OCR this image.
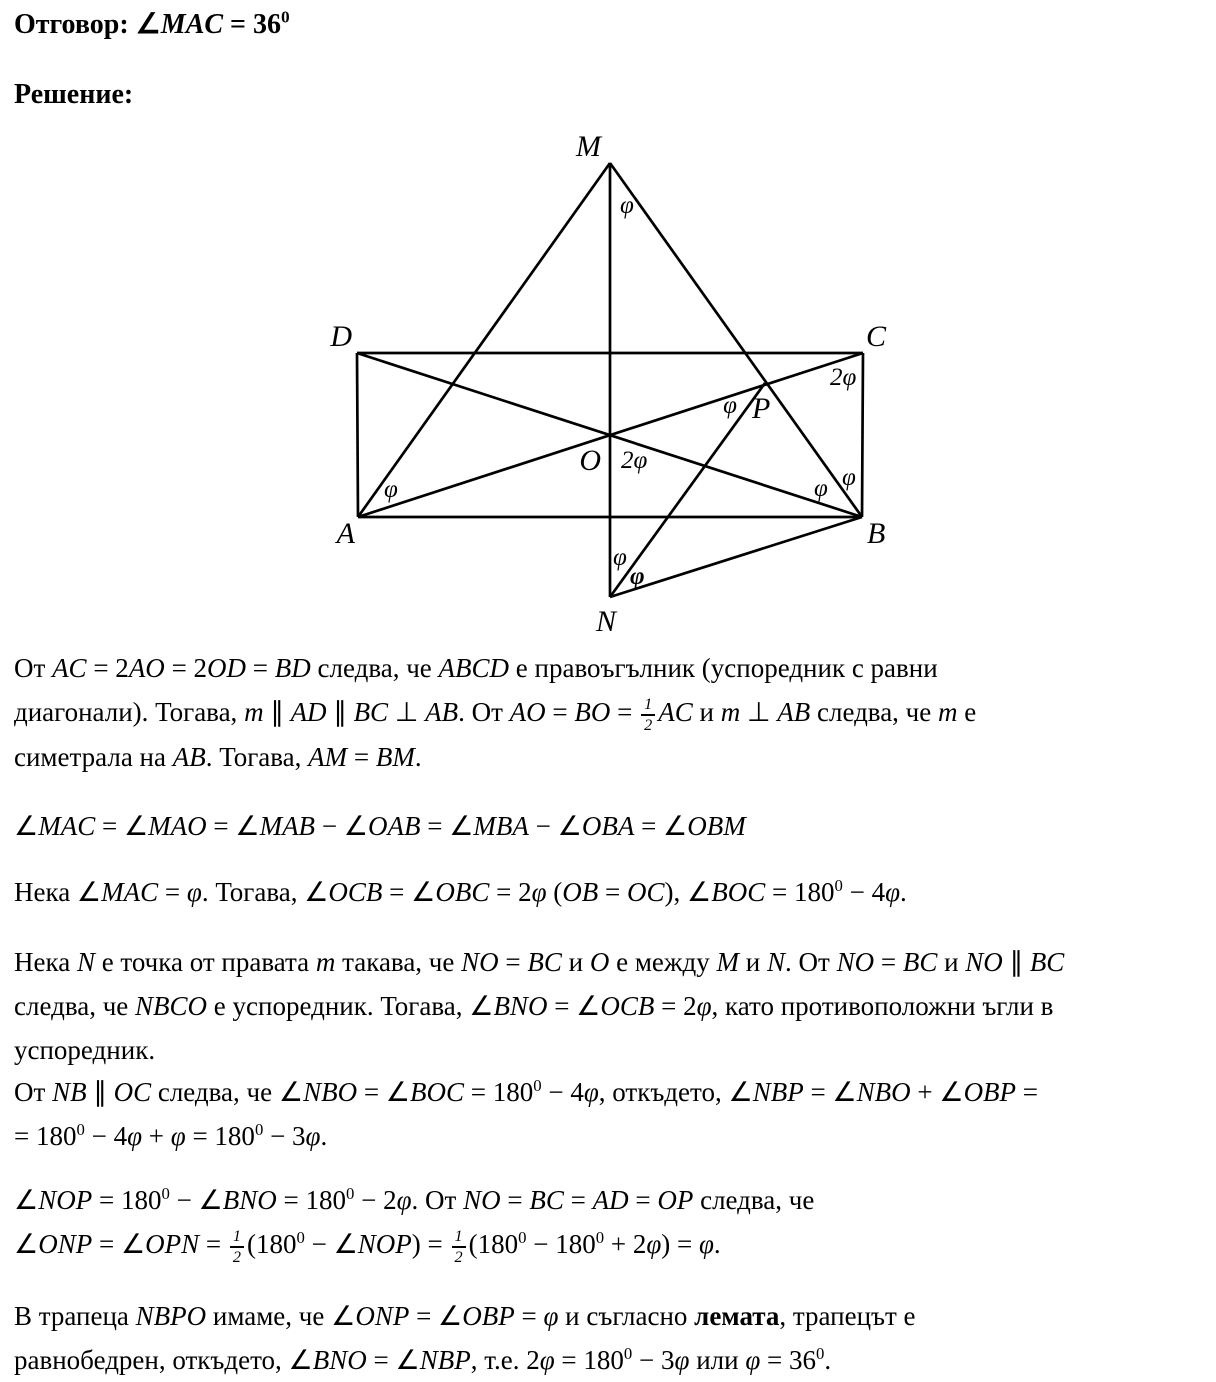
Отговор: ∠MAC = $36^0$
Решение:
M
D	C
A	B
O
P
N
φ
2φ
φ
2φ
φ	φ φ
φ
φ
От AC = 2AO = 2OD = BD следва, че ABCD е правоъгълник (успоредник с равни
диагонали). Тогава, m ∥ AD ∥ BC ⊥ AB. От AO = BO = $\frac{1}{2}$ AC и m ⊥ AB следва, че m е
симетрала на AB. Тогава, AM = BM.
∠MAC = ∠MAO = ∠MAB − ∠OAB = ∠MBA − ∠OBA = ∠OBM
Нека ∠MAC = φ. Тогава, ∠OCB = ∠OBC = 2φ (OB = OC), ∠BOC = $180^0 - 4\varphi$.
Нека N е точка от правата m такава, че NO = BC и O е между M и N. От NO = BC и NO ∥ BC
следва, че NBCO е успоредник. Тогава, ∠BNO = ∠OCB = 2φ, като противоположни ъгли в
успоредник.
От NB ∥ OC следва, че ∠NBO = ∠BOC = $180^0 - 4\varphi$, откъдето, ∠NBP = ∠NBO + ∠OBP =
= $180^0 - 4\varphi + \varphi = 180^0 - 3\varphi$.
∠NOP = $180^0$ − ∠BNO = $180^0 - 2\varphi$. От NO = BC = AD = OP следва, че
∠ONP = ∠OPN = $\frac{1}{2} (180^0$ − ∠NOP) = $\frac{1}{2} (180^0 - 180^0 + 2\varphi) = \varphi$.
В трапеца NBPO имаме, че ∠ONP = ∠OBP = φ и съгласно лемата, трапецът е
равнобедрен, откъдето, ∠BNO = ∠NBP, т.е. $2\varphi = 180^0 - 3\varphi$ или $\varphi = 36^0$.
